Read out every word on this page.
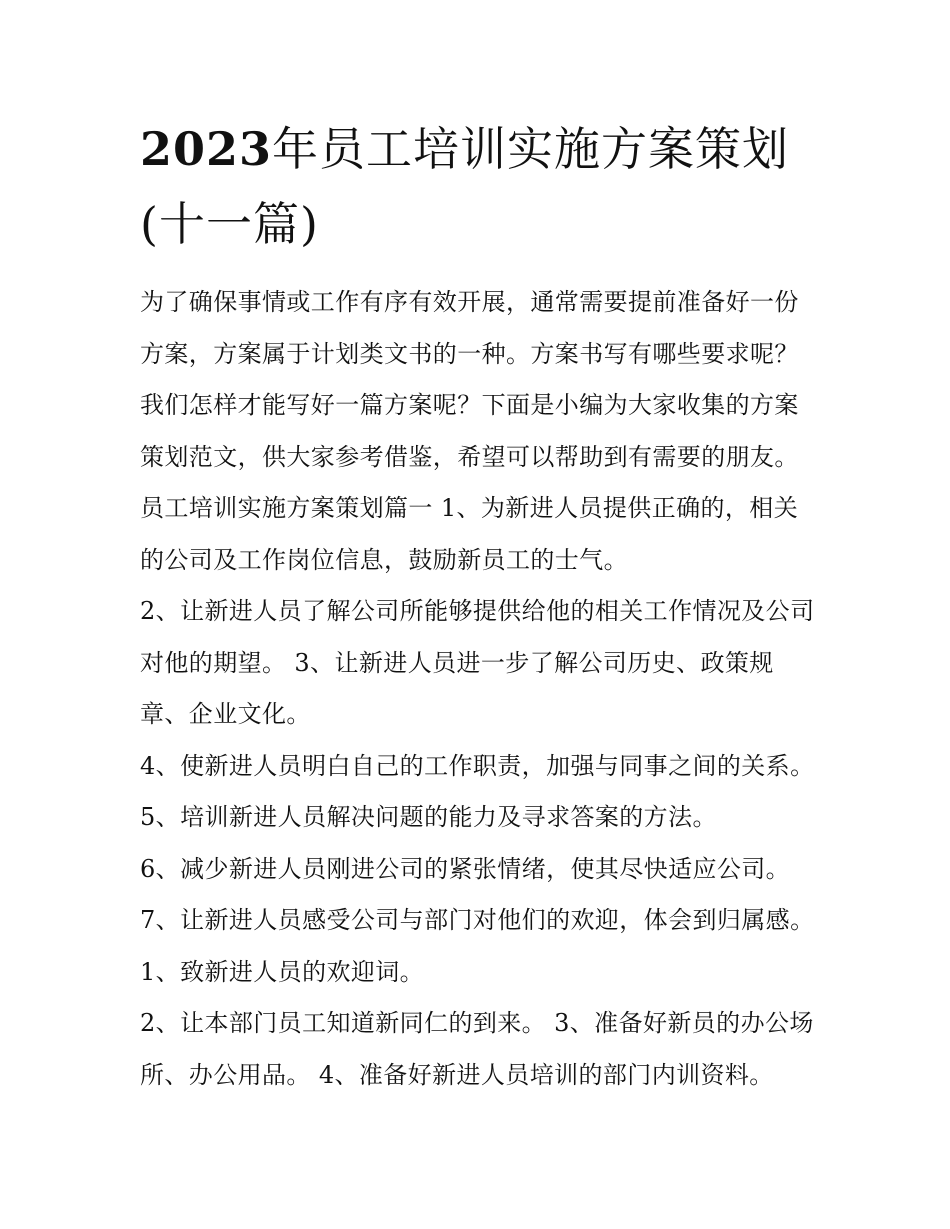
2023年员工培训实施方案策划(十一篇)

为了确保事情或工作有序有效开展，通常需要提前准备好一份方案，方案属于计划类文书的一种。方案书写有哪些要求呢？我们怎样才能写好一篇方案呢？下面是小编为大家收集的方案策划范文，供大家参考借鉴，希望可以帮助到有需要的朋友。员工培训实施方案策划篇一 1、为新进人员提供正确的，相关的公司及工作岗位信息，鼓励新员工的士气。

2、让新进人员了解公司所能够提供给他的相关工作情况及公司对他的期望。 3、让新进人员进一步了解公司历史、政策规章、企业文化。

4、使新进人员明白自己的工作职责，加强与同事之间的关系。 5、培训新进人员解决问题的能力及寻求答案的方法。

6、减少新进人员刚进公司的紧张情绪，使其尽快适应公司。

7、让新进人员感受公司与部门对他们的欢迎，体会到归属感。 1、致新进人员的欢迎词。

2、让本部门员工知道新同仁的到来。 3、准备好新员的办公场所、办公用品。 4、准备好新进人员培训的部门内训资料。
